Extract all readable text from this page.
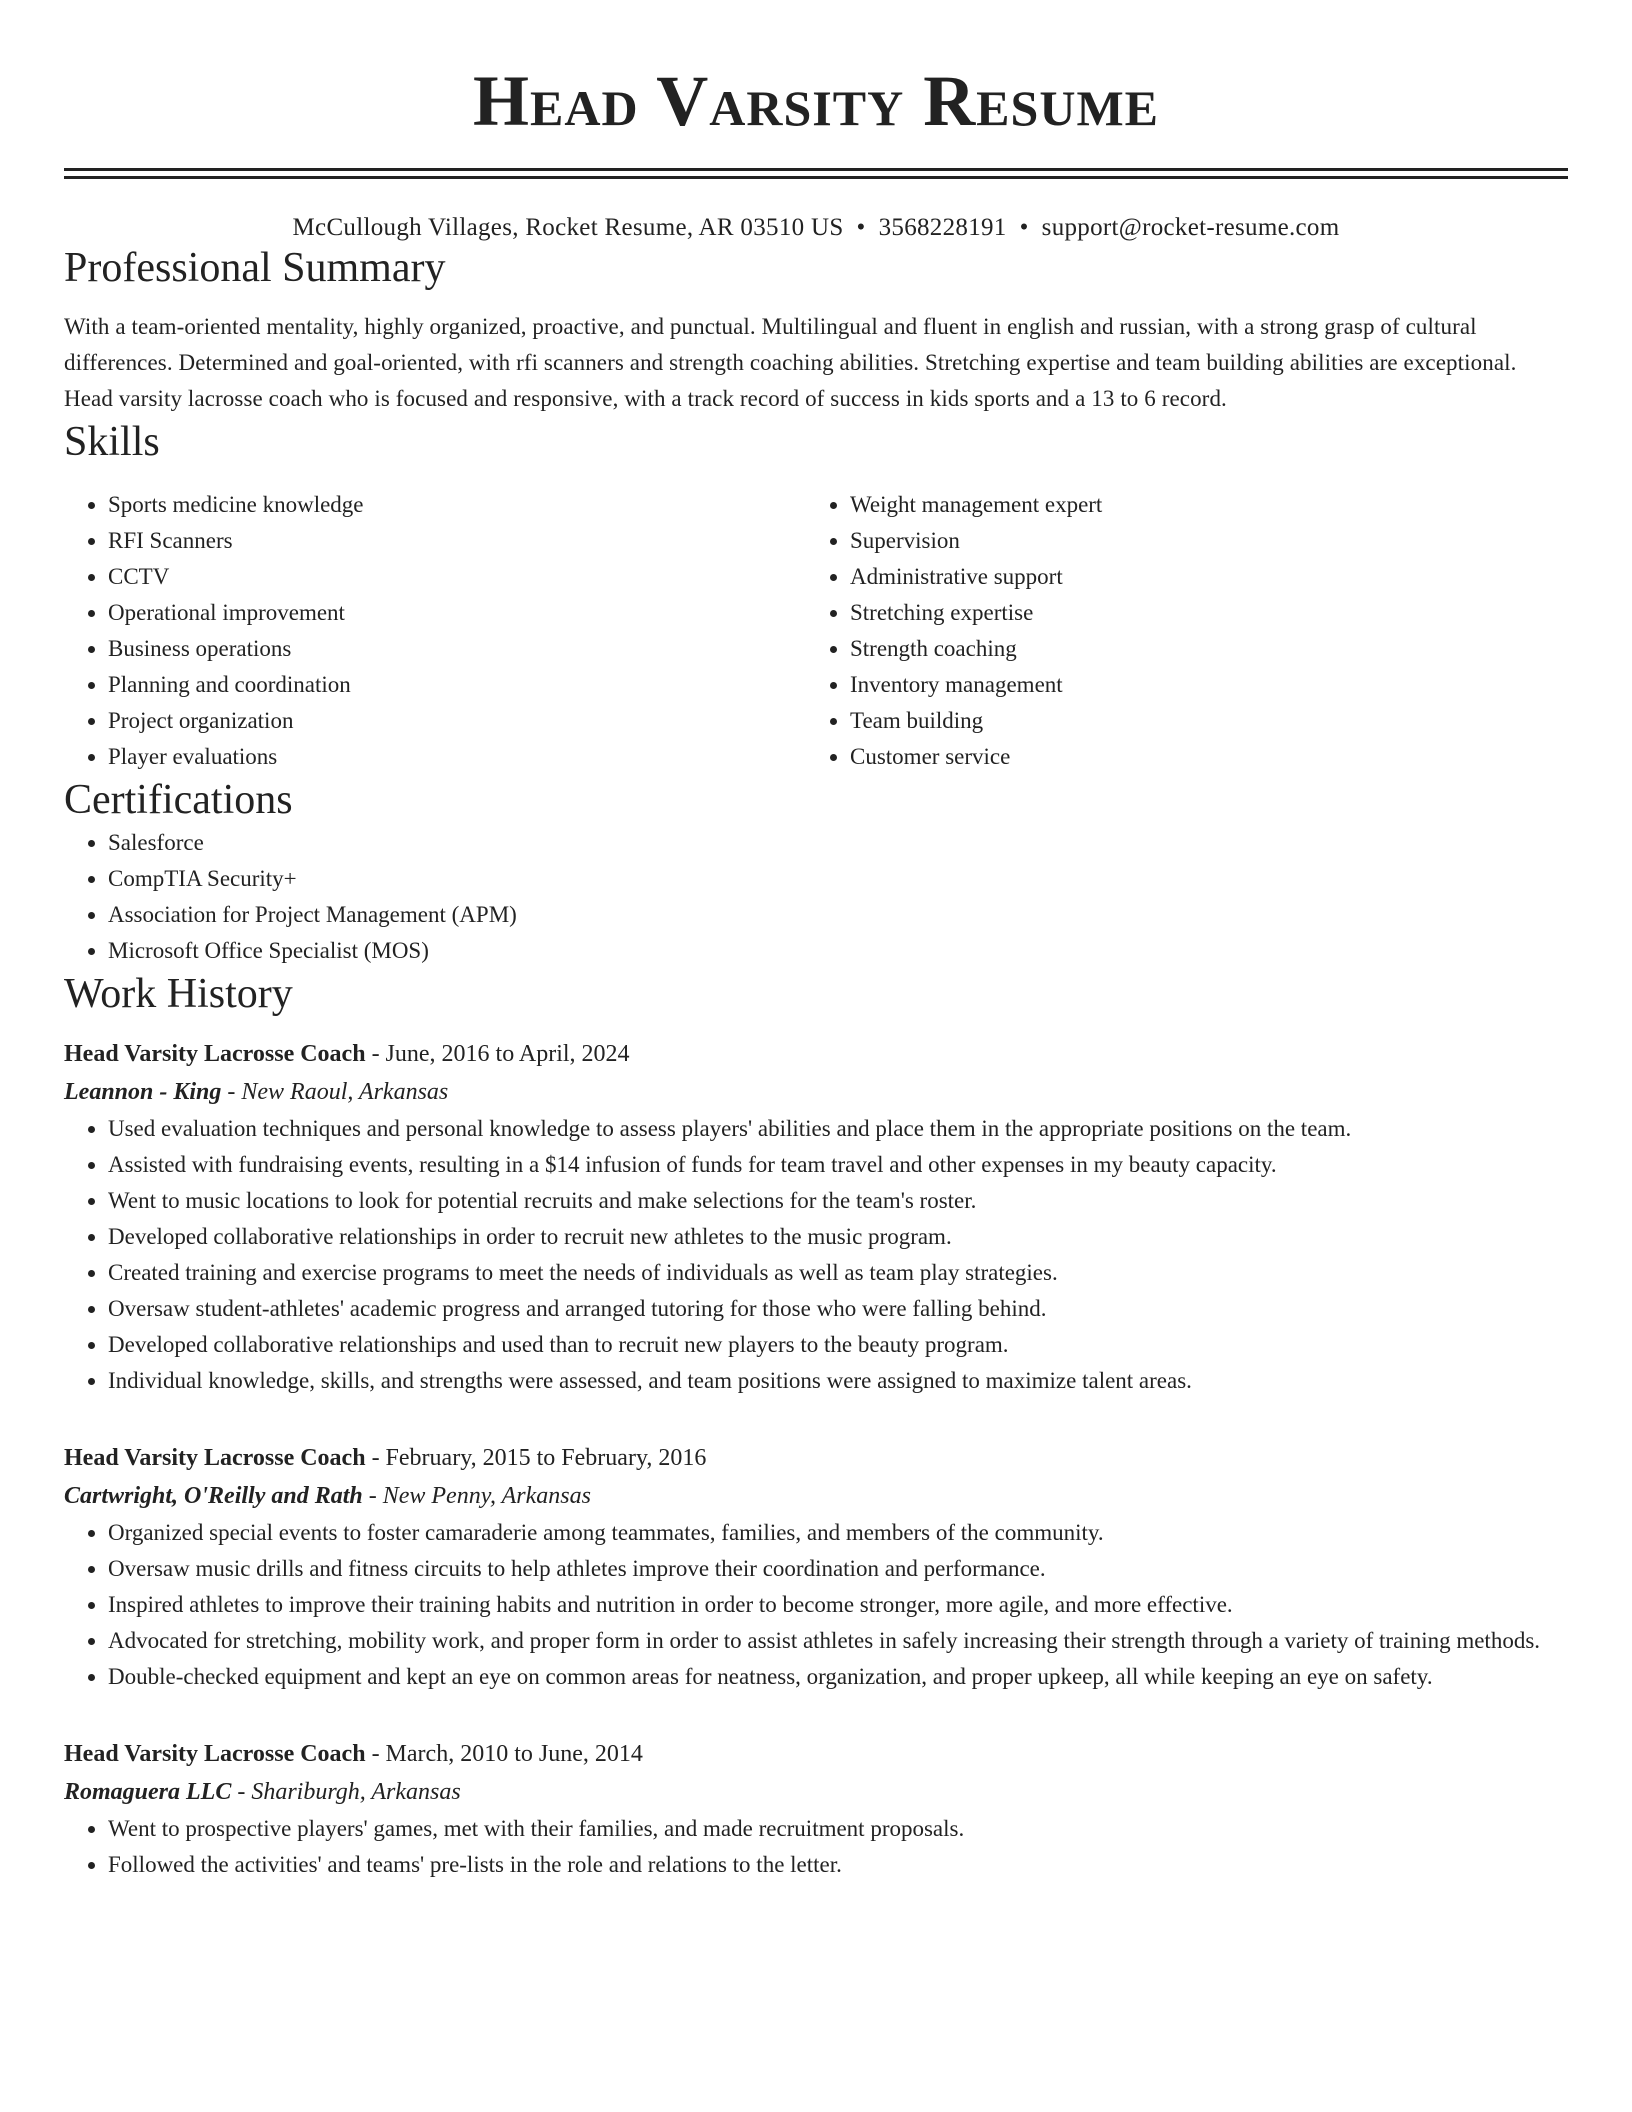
Head Varsity Resume
McCullough Villages, Rocket Resume, AR 03510 US • 3568228191 • support@rocket-resume.com
Professional Summary
With a team-oriented mentality, highly organized, proactive, and punctual. Multilingual and fluent in english and russian, with a strong grasp of cultural differences. Determined and goal-oriented, with rfi scanners and strength coaching abilities. Stretching expertise and team building abilities are exceptional. Head varsity lacrosse coach who is focused and responsive, with a track record of success in kids sports and a 13 to 6 record.
Skills
• Sports medicine knowledge
• RFI Scanners
• CCTV
• Operational improvement
• Business operations
• Planning and coordination
• Project organization
• Player evaluations
• Weight management expert
• Supervision
• Administrative support
• Stretching expertise
• Strength coaching
• Inventory management
• Team building
• Customer service
Certifications
• Salesforce
• CompTIA Security+
• Association for Project Management (APM)
• Microsoft Office Specialist (MOS)
Work History
Head Varsity Lacrosse Coach - June, 2016 to April, 2024
Leannon - King - New Raoul, Arkansas
• Used evaluation techniques and personal knowledge to assess players' abilities and place them in the appropriate positions on the team.
• Assisted with fundraising events, resulting in a $14 infusion of funds for team travel and other expenses in my beauty capacity.
• Went to music locations to look for potential recruits and make selections for the team's roster.
• Developed collaborative relationships in order to recruit new athletes to the music program.
• Created training and exercise programs to meet the needs of individuals as well as team play strategies.
• Oversaw student-athletes' academic progress and arranged tutoring for those who were falling behind.
• Developed collaborative relationships and used than to recruit new players to the beauty program.
• Individual knowledge, skills, and strengths were assessed, and team positions were assigned to maximize talent areas.
Head Varsity Lacrosse Coach - February, 2015 to February, 2016
Cartwright, O'Reilly and Rath - New Penny, Arkansas
• Organized special events to foster camaraderie among teammates, families, and members of the community.
• Oversaw music drills and fitness circuits to help athletes improve their coordination and performance.
• Inspired athletes to improve their training habits and nutrition in order to become stronger, more agile, and more effective.
• Advocated for stretching, mobility work, and proper form in order to assist athletes in safely increasing their strength through a variety of training methods.
• Double-checked equipment and kept an eye on common areas for neatness, organization, and proper upkeep, all while keeping an eye on safety.
Head Varsity Lacrosse Coach - March, 2010 to June, 2014
Romaguera LLC - Shariburgh, Arkansas
• Went to prospective players' games, met with their families, and made recruitment proposals.
• Followed the activities' and teams' pre-lists in the role and relations to the letter.
